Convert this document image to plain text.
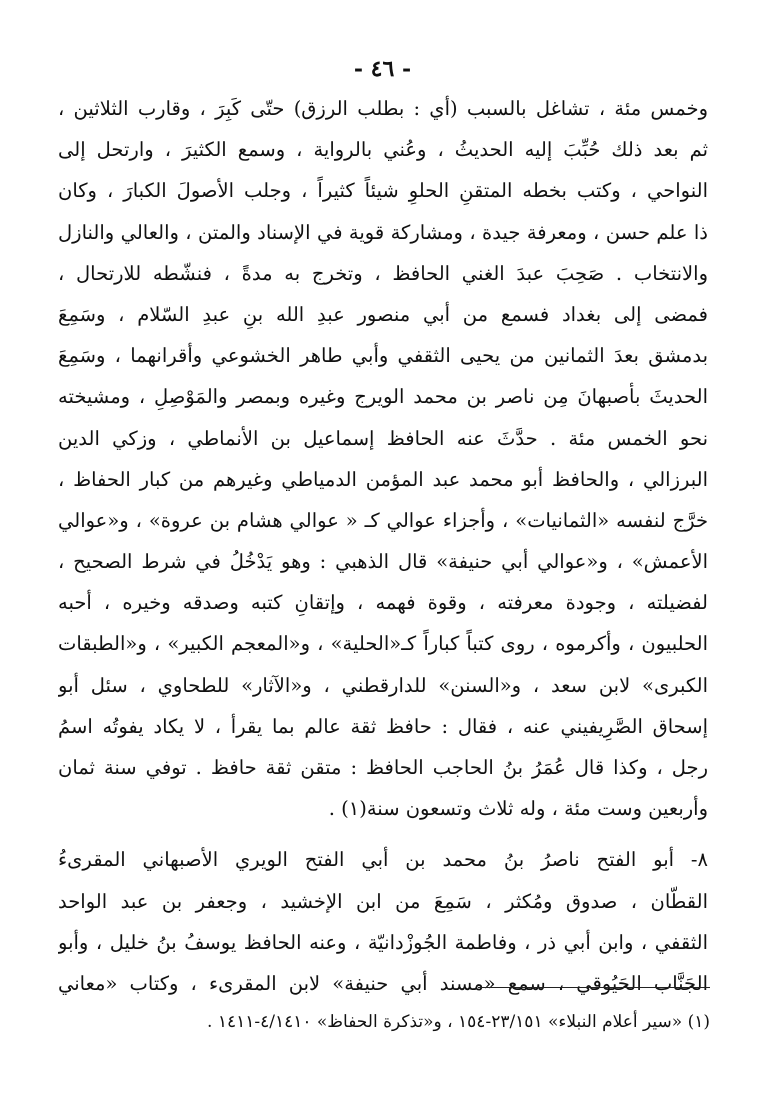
- ٤٦ -
وخمس مئة ، تشاغل بالسبب (أي : بطلب الرزق) حتّى كَبِرَ ، وقارب الثلاثين ،
ثم بعد ذلك حُبِّبَ إليه الحديثُ ، وعُني بالرواية ، وسمع الكثيرَ ، وارتحل إلى
النواحي ، وكتب بخطه المتقنِ الحلوِ شيئاً كثيراً ، وجلب الأصولَ الكبارَ ، وكان
ذا علم حسن ، ومعرفة جيدة ، ومشاركة قوية في الإسناد والمتن ، والعالي والنازل
والانتخاب . صَحِبَ عبدَ الغني الحافظ ، وتخرج به مدةً ، فنشّطه للارتحال ،
فمضى إلى بغداد فسمع من أبي منصور عبدِ الله بنِ عبدِ السّلام ، وسَمِعَ
بدمشق بعدَ الثمانين من يحيى الثقفي وأبي طاهر الخشوعي وأقرانهما ، وسَمِعَ
الحديثَ بأصبهانَ مِن ناصر بن محمد الويرج وغيره وبمصر والمَوْصِلِ ، ومشيخته
نحو الخمس مئة . حدَّثَ عنه الحافظ إسماعيل بن الأنماطي ، وزكي الدين
البرزالي ، والحافظ أبو محمد عبد المؤمن الدمياطي وغيرهم من كبار الحفاظ ،
خرَّج لنفسه «الثمانيات» ، وأجزاء عوالي كـ « عوالي هشام بن عروة» ، و«عوالي
الأعمش» ، و«عوالي أبي حنيفة» قال الذهبي : وهو يَدْخُلُ في شرط الصحيح ،
لفضيلته ، وجودة معرفته ، وقوة فهمه ، وإتقانِ كتبه وصدقه وخيره ، أحبه
الحلبيون ، وأكرموه ، روى كتباً كباراً كـ«الحلية» ، و«المعجم الكبير» ، و«الطبقات
الكبرى» لابن سعد ، و«السنن» للدارقطني ، و«الآثار» للطحاوي ، سئل أبو
إسحاق الصَّرِيفيني عنه ، فقال : حافظ ثقة عالم بما يقرأ ، لا يكاد يفوتُه اسمُ
رجل ، وكذا قال عُمَرُ بنُ الحاجب الحافظ : متقن ثقة حافظ . توفي سنة ثمان
وأربعين وست مئة ، وله ثلاث وتسعون سنة(١) .
٨- أبو الفتح ناصرُ بنُ محمد بن أبي الفتح الويري الأصبهاني المقرىءُ
القطّان ، صدوق ومُكثر ، سَمِعَ من ابن الإخشيد ، وجعفر بن عبد الواحد
الثقفي ، وابن أبي ذر ، وفاطمة الجُوزْدانيّة ، وعنه الحافظ يوسفُ بنُ خليل ، وأبو
الجَنَّاب الحَيُوقي ، سمع «مسند أبي حنيفة» لابن المقرىء ، وكتاب «معاني
(١) «سير أعلام النبلاء» ٢٣/١٥١-١٥٤ ، و«تذكرة الحفاظ» ٤/١٤١٠-١٤١١ .
